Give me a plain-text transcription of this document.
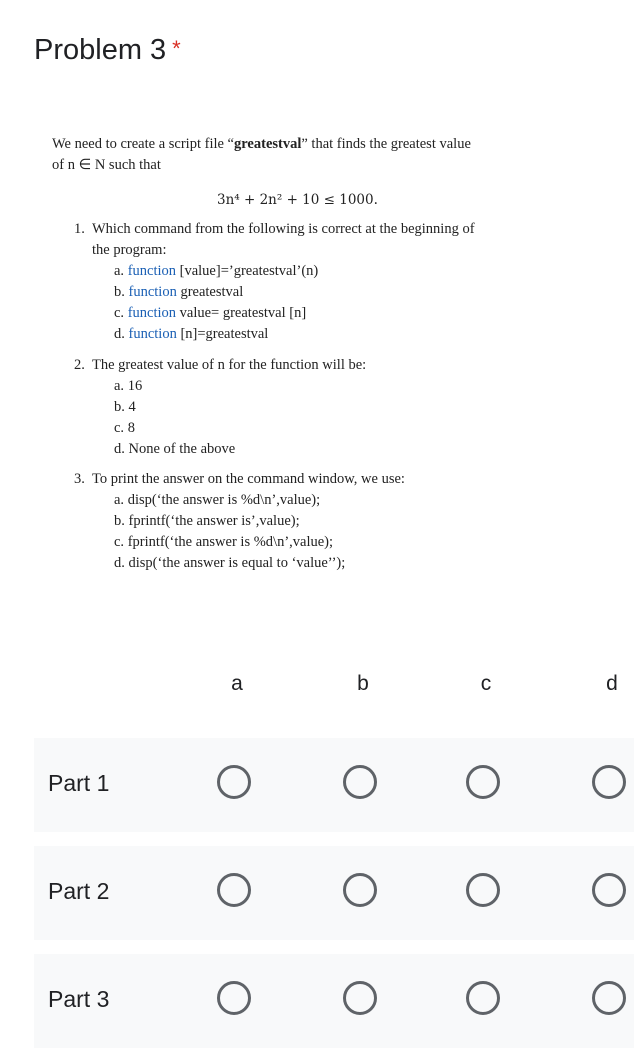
Problem 3 *

We need to create a script file “greatestval” that finds the greatest value

of n ∈ N such that

3n⁴ + 2n² + 10 ≤ 1000.
1. Which command from the following is correct at the beginning of
the program:
a. function [value]=’greatestval’(n)
b. function greatestval
c. function value= greatestval [n]
d. function [n]=greatestval
2. The greatest value of n for the function will be:
a. 16
b. 4
c. 8
d. None of the above
3. To print the answer on the command window, we use:
a. disp(‘the answer is %d\n’,value);
b. fprintf(‘the answer is’,value);
c. fprintf(‘the answer is %d\n’,value);
d. disp(‘the answer is equal to ‘value’’);
a	b	c	d
Part 1
Part 2
Part 3
